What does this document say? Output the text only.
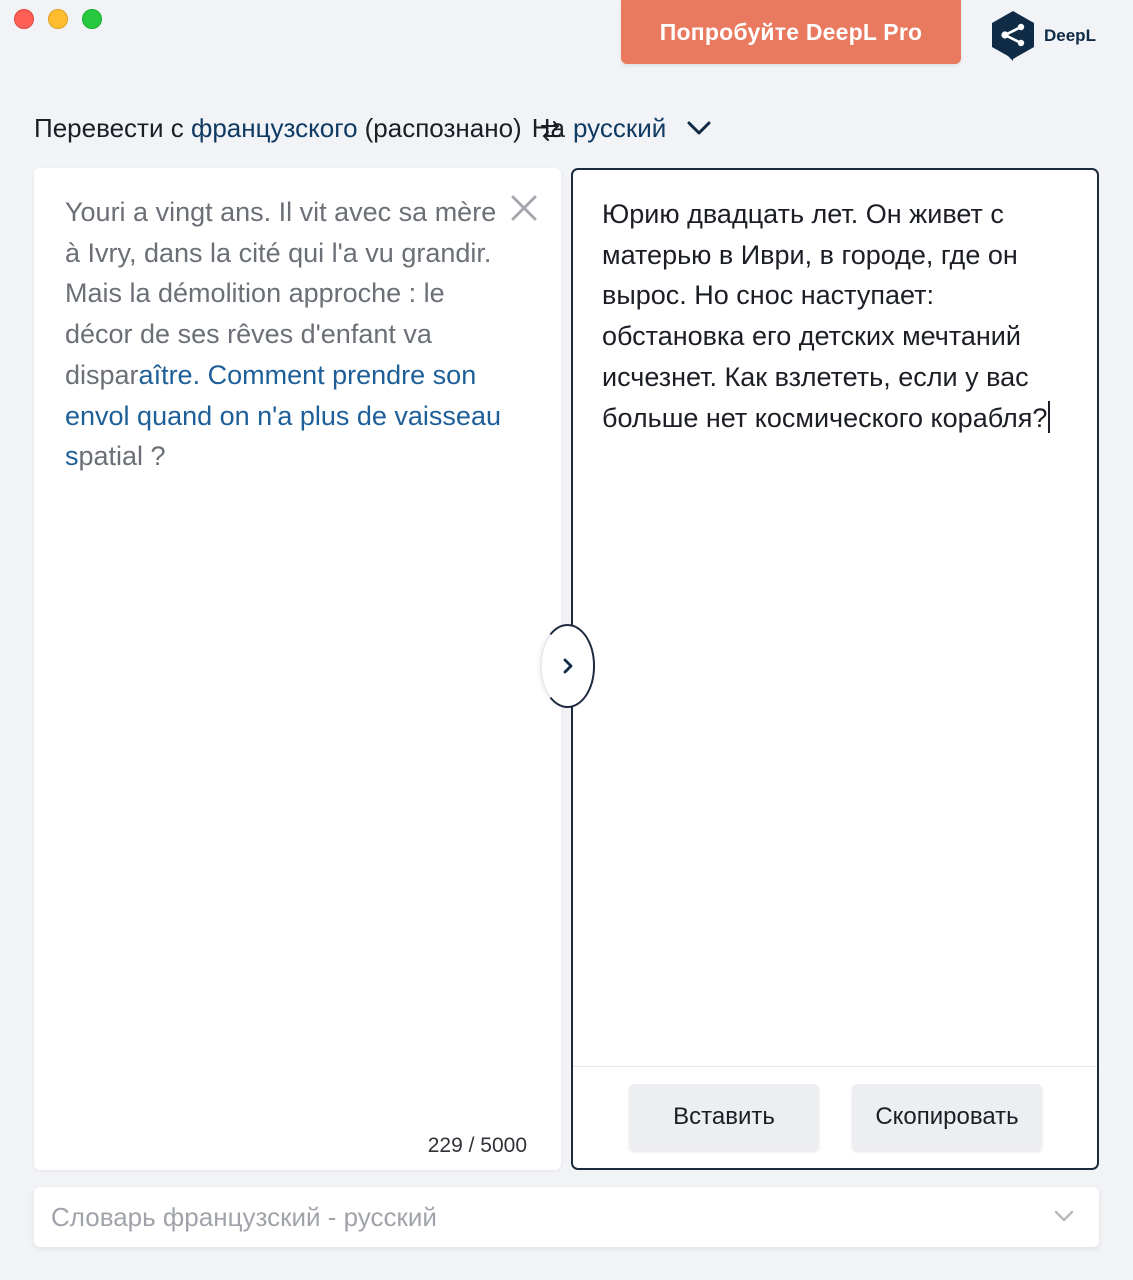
Попробуйте DeepL Pro	DeepL
Перевести с
французского (распознано) На русский
Youri a vingt ans. Il vit avec sa mère à Ivry, dans la cité qui l'a vu grandir. Mais la démolition approche : le décor de ses rêves d'enfant va disparaître. Comment prendre son envol quand on n'a plus de vaisseau spatial ?
229 / 5000
Юрию двадцать лет. Он живет с матерью в Иври, в городе, где он вырос. Но снос наступает: обстановка его детских мечтаний исчезнет. Как взлететь, если у вас больше нет космического корабля?
Вставить	Скопировать
Словарь французский - русский
